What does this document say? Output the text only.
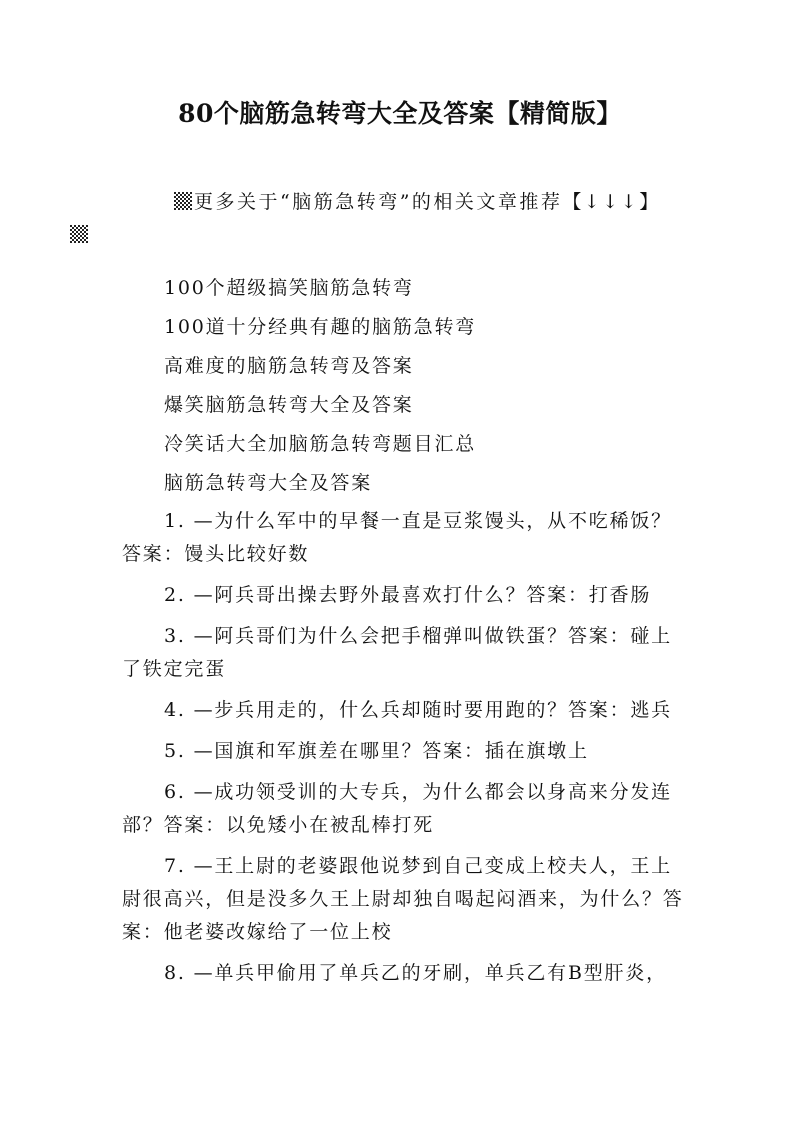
80个脑筋急转弯大全及答案【精简版】

更多关于“脑筋急转弯”的相关文章推荐【↓↓↓】

100个超级搞笑脑筋急转弯

100道十分经典有趣的脑筋急转弯

高难度的脑筋急转弯及答案

爆笑脑筋急转弯大全及答案

冷笑话大全加脑筋急转弯题目汇总

脑筋急转弯大全及答案

1. —为什么军中的早餐一直是豆浆馒头，从不吃稀饭？答案：馒头比较好数

2. —阿兵哥出操去野外最喜欢打什么？答案：打香肠

3. —阿兵哥们为什么会把手榴弹叫做铁蛋？答案：碰上了铁定完蛋

4. —步兵用走的，什么兵却随时要用跑的？答案：逃兵

5. —国旗和军旗差在哪里？答案：插在旗墩上

6. —成功领受训的大专兵，为什么都会以身高来分发连部？答案：以免矮小在被乱棒打死

7. —王上尉的老婆跟他说梦到自己变成上校夫人，王上尉很高兴，但是没多久王上尉却独自喝起闷酒来，为什么？答案：他老婆改嫁给了一位上校

8. —单兵甲偷用了单兵乙的牙刷，单兵乙有B型肝炎，
